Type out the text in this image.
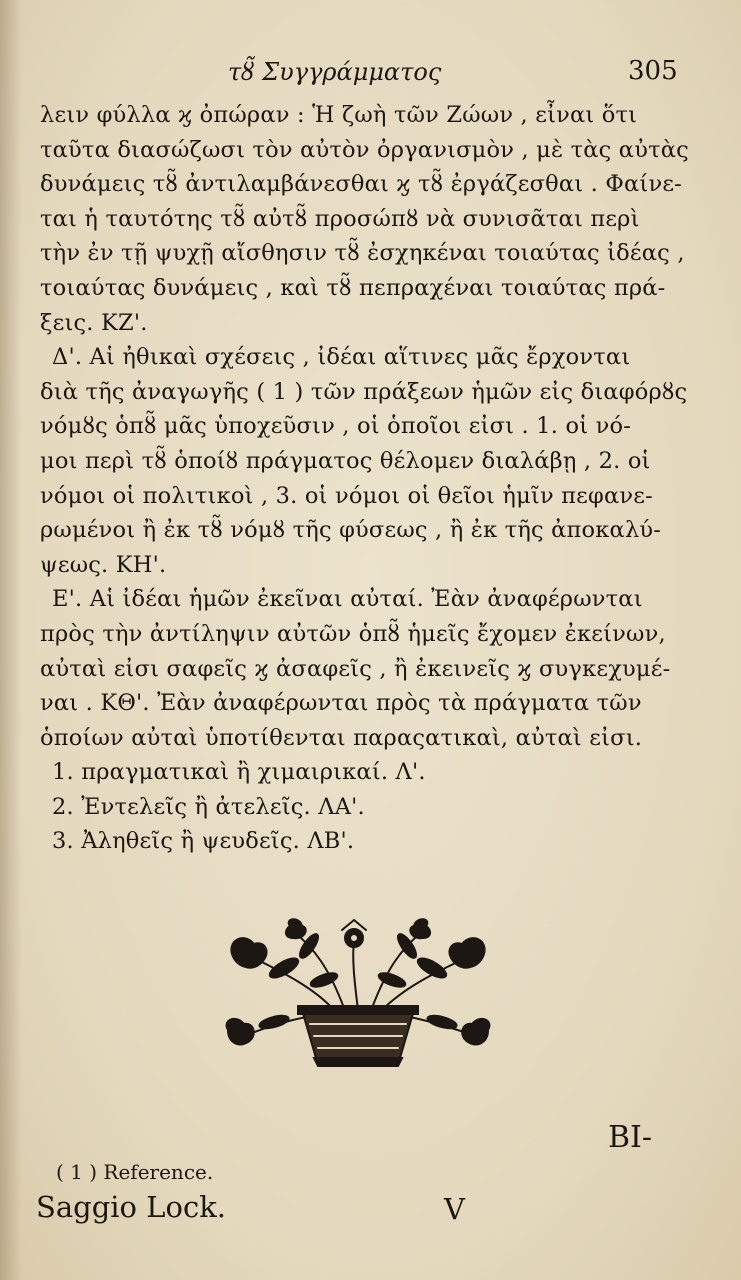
τȣ̃ Συγγράμματος	305
λειν φύλλα ϗ ὀπώραν : Ἡ ζωὴ τῶν Ζώων , εἶναι ὅτι
ταῦτα διασώζωσι τὸν αὐτὸν ὀργανισμὸν , μὲ τὰς αὐτὰς
δυνάμεις τȣ̃ ἀντιλαμβάνεσθαι ϗ τȣ̃ ἐργάζεσθαι . Φαίνε-
ται ἡ ταυτότης τȣ̃ αὐτȣ̃ προσώπȣ νὰ συνισᾶται περὶ
τὴν ἐν τῇ ψυχῇ αἴσθησιν τȣ̃ ἐσχηκέναι τοιαύτας ἰδέας ,
τοιαύτας δυνάμεις , καὶ τȣ̃ πεπραχέναι τοιαύτας πρά-
ξεις. ΚΖ'.
Δ'. Αἱ ἠθικαὶ σχέσεις , ἰδέαι αἵτινες μᾶς ἔρχονται
διὰ τῆς ἀναγωγῆς ( 1 ) τῶν πράξεων ἡμῶν εἰς διαφόρȣς
νόμȣς ὁπȣ̃ μᾶς ὑποχεῦσιν , οἱ ὁποῖοι εἰσι . 1. οἱ νό-
μοι περὶ τȣ̃ ὁποίȣ πράγματος θέλομεν διαλάβῃ , 2. οἱ
νόμοι οἱ πολιτικοὶ , 3. οἱ νόμοι οἱ θεῖοι ἡμῖν πεφανε-
ρωμένοι ἢ ἐκ τȣ̃ νόμȣ τῆς φύσεως , ἢ ἐκ τῆς ἀποκαλύ-
ψεως. ΚΗ'.
Ε'. Αἱ ἰδέαι ἡμῶν ἐκεῖναι αὐταί. Ἐὰν ἀναφέρωνται
πρὸς τὴν ἀντίληψιν αὐτῶν ὁπȣ̃ ἡμεῖς ἔχομεν ἐκείνων,
αὐταὶ εἰσι σαφεῖς ϗ ἀσαφεῖς , ἢ ἐκεινεῖς ϗ συγκεχυμέ-
ναι . ΚΘ'. Ἐὰν ἀναφέρωνται πρὸς τὰ πράγματα τῶν
ὁποίων αὐταὶ ὑποτίθενται παραςατικαὶ, αὐταὶ εἰσι.
1. πραγματικαὶ ἢ χιμαιρικαί. Λ'.
2. Ἐντελεῖς ἢ ἀτελεῖς. ΛΑ'.
3. Ἀληθεῖς ἢ ψευδεῖς. ΛΒ'.
BI-
( 1 ) Reference.
Saggio Lock.	V
